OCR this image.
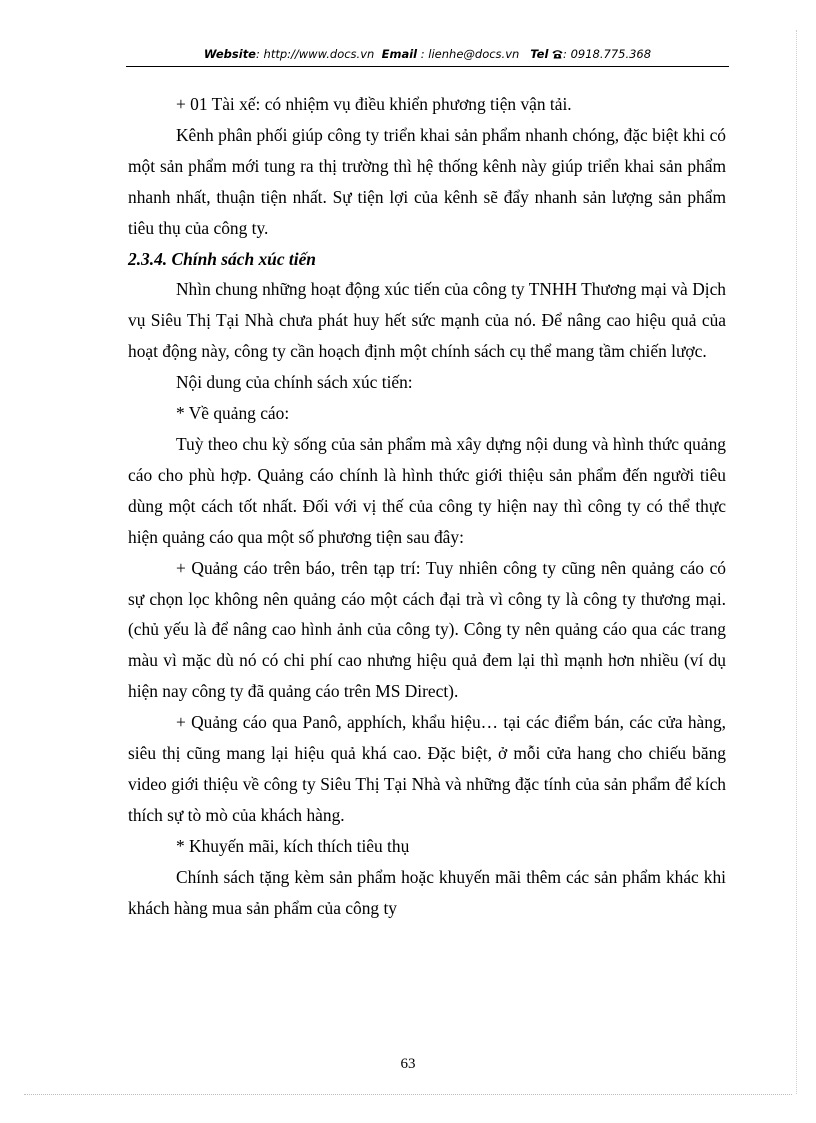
Website: http://www.docs.vn Email : lienhe@docs.vn Tel : 0918.775.368

+ 01 Tài xế: có nhiệm vụ điều khiển phương tiện vận tải.

Kênh phân phối giúp công ty triển khai sản phẩm nhanh chóng, đặc biệt khi có một sản phẩm mới tung ra thị trường thì hệ thống kênh này giúp triển khai sản phẩm nhanh nhất, thuận tiện nhất. Sự tiện lợi của kênh sẽ đẩy nhanh sản lượng sản phẩm tiêu thụ của công ty.

2.3.4. Chính sách xúc tiến

Nhìn chung những hoạt động xúc tiến của công ty TNHH Thương mại và Dịch vụ Siêu Thị Tại Nhà chưa phát huy hết sức mạnh của nó. Để nâng cao hiệu quả của hoạt động này, công ty cần hoạch định một chính sách cụ thể mang tầm chiến lược.

Nội dung của chính sách xúc tiến:

* Về quảng cáo:

Tuỳ theo chu kỳ sống của sản phẩm mà xây dựng nội dung và hình thức quảng cáo cho phù hợp. Quảng cáo chính là hình thức giới thiệu sản phẩm đến người tiêu dùng một cách tốt nhất. Đối với vị thế của công ty hiện nay thì công ty có thể thực hiện quảng cáo qua một số phương tiện sau đây:

+ Quảng cáo trên báo, trên tạp trí: Tuy nhiên công ty cũng nên quảng cáo có sự chọn lọc không nên quảng cáo một cách đại trà vì công ty là công ty thương mại. (chủ yếu là để nâng cao hình ảnh của công ty). Công ty nên quảng cáo qua các trang màu vì mặc dù nó có chi phí cao nhưng hiệu quả đem lại thì mạnh hơn nhiều (ví dụ hiện nay công ty đã quảng cáo trên MS Direct).

+ Quảng cáo qua Panô, apphích, khẩu hiệu… tại các điểm bán, các cửa hàng, siêu thị cũng mang lại hiệu quả khá cao. Đặc biệt, ở mỗi cửa hang cho chiếu băng video giới thiệu về công ty Siêu Thị Tại Nhà và những đặc tính của sản phẩm để kích thích sự tò mò của khách hàng.

* Khuyến mãi, kích thích tiêu thụ

Chính sách tặng kèm sản phẩm hoặc khuyến mãi thêm các sản phẩm khác khi khách hàng mua sản phẩm của công ty

63
